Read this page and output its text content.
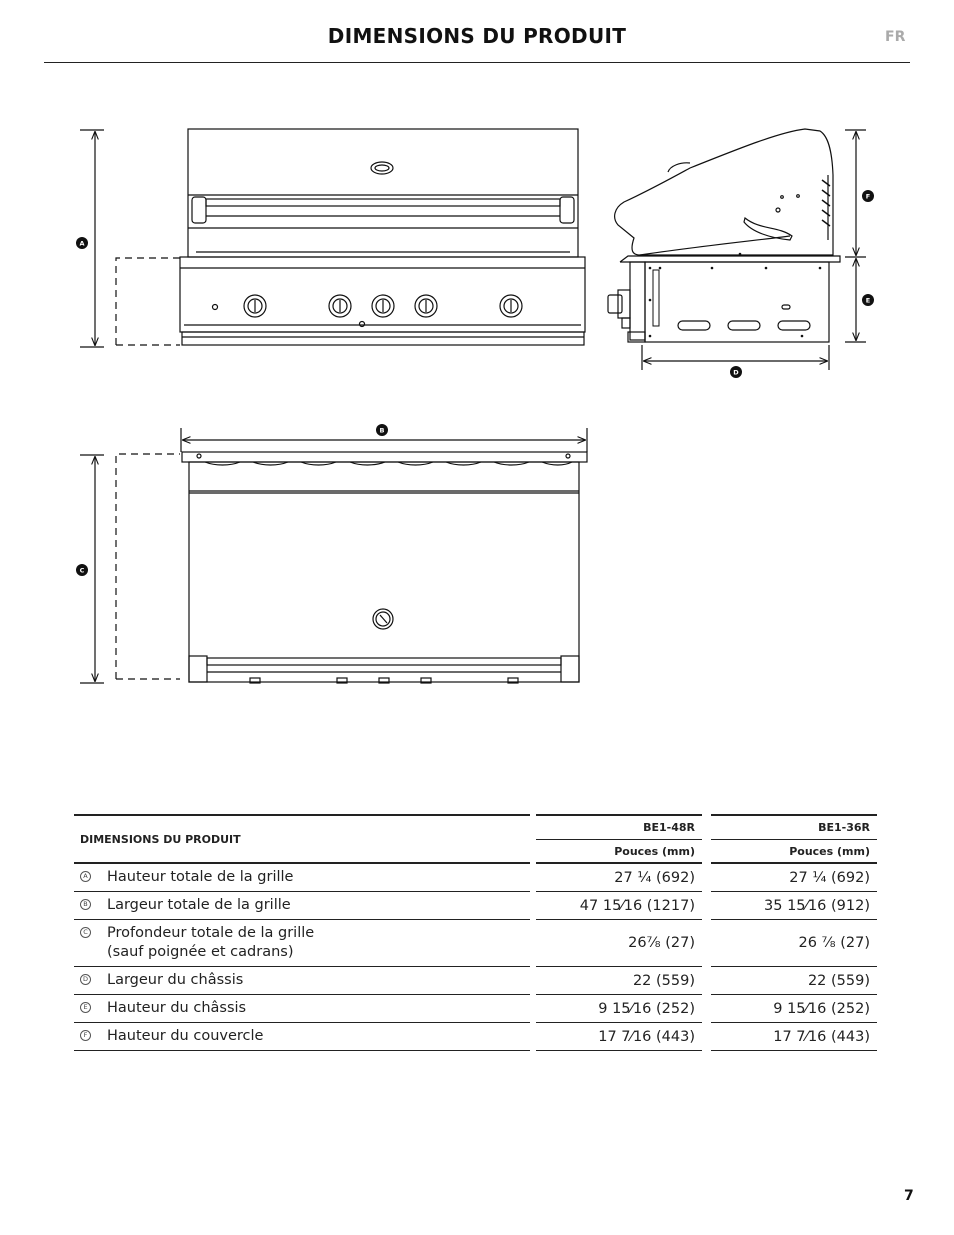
DIMENSIONS DU PRODUIT	FR
A
B
C
D
E
F
DIMENSIONS DU PRODUIT		BE1-48R		BE1-36R
		Pouces (mm)		Pouces (mm)

A Hauteur totale de la grille		27 ¼ (692)		27 ¼ (692)

B Largeur totale de la grille		47 15⁄16 (1217)		35 15⁄16 (912)

C Profondeur totale de la grille
(sauf poignée et cadrans)		26⅞ (27)		26 ⅞ (27)

D Largeur du châssis		22 (559)		22 (559)

E Hauteur du châssis		9 15⁄16 (252)		9 15⁄16 (252)

F Hauteur du couvercle		17 7⁄16 (443)		17 7⁄16 (443)
7
